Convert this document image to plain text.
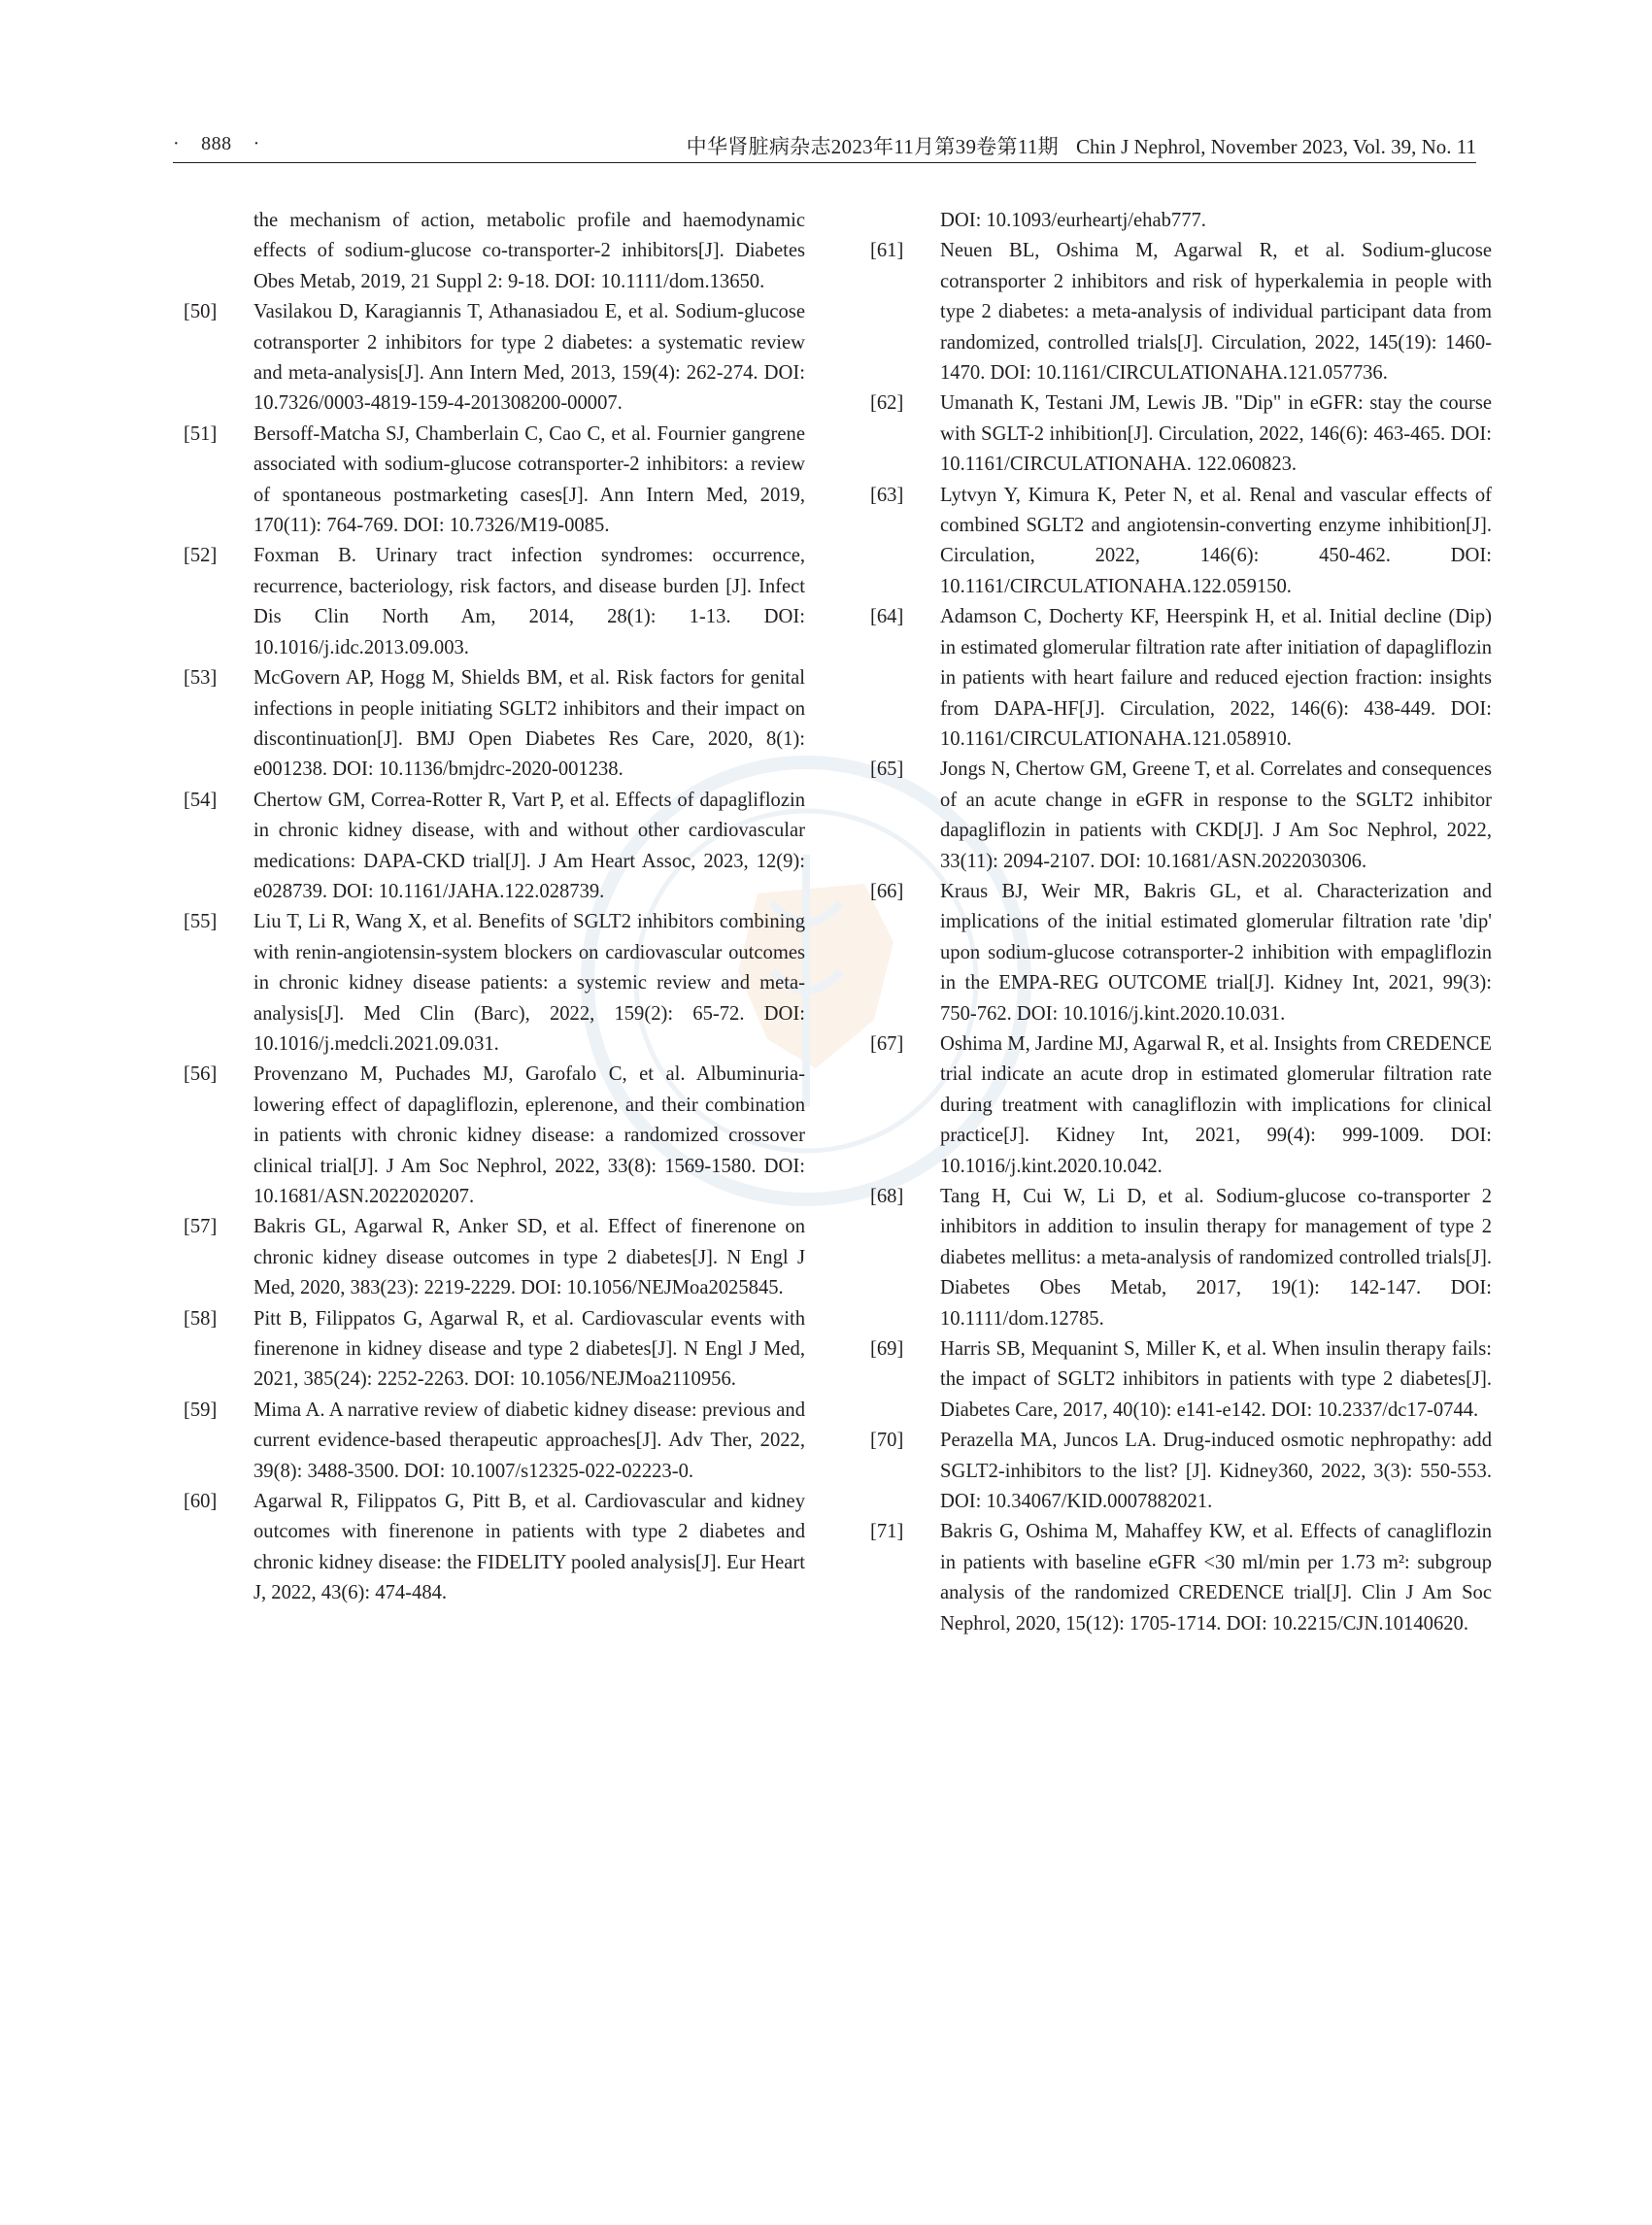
· 888 ·	中华肾脏病杂志2023年11月第39卷第11期 Chin J Nephrol, November 2023, Vol. 39, No. 11
the mechanism of action, metabolic profile and haemodynamic effects of sodium-glucose co-transporter-2 inhibitors[J]. Diabetes Obes Metab, 2019, 21 Suppl 2: 9-18. DOI: 10.1111/dom.13650.
[50] Vasilakou D, Karagiannis T, Athanasiadou E, et al. Sodium-glucose cotransporter 2 inhibitors for type 2 diabetes: a systematic review and meta-analysis[J]. Ann Intern Med, 2013, 159(4): 262-274. DOI: 10.7326/0003-4819-159-4-201308200-00007.
[51] Bersoff-Matcha SJ, Chamberlain C, Cao C, et al. Fournier gangrene associated with sodium-glucose cotransporter-2 inhibitors: a review of spontaneous postmarketing cases[J]. Ann Intern Med, 2019, 170(11): 764-769. DOI: 10.7326/M19-0085.
[52] Foxman B. Urinary tract infection syndromes: occurrence, recurrence, bacteriology, risk factors, and disease burden [J]. Infect Dis Clin North Am, 2014, 28(1): 1-13. DOI: 10.1016/j.idc.2013.09.003.
[53] McGovern AP, Hogg M, Shields BM, et al. Risk factors for genital infections in people initiating SGLT2 inhibitors and their impact on discontinuation[J]. BMJ Open Diabetes Res Care, 2020, 8(1): e001238. DOI: 10.1136/bmjdrc-2020-001238.
[54] Chertow GM, Correa-Rotter R, Vart P, et al. Effects of dapagliflozin in chronic kidney disease, with and without other cardiovascular medications: DAPA-CKD trial[J]. J Am Heart Assoc, 2023, 12(9): e028739. DOI: 10.1161/JAHA.122.028739.
[55] Liu T, Li R, Wang X, et al. Benefits of SGLT2 inhibitors combining with renin-angiotensin-system blockers on cardiovascular outcomes in chronic kidney disease patients: a systemic review and meta-analysis[J]. Med Clin (Barc), 2022, 159(2): 65-72. DOI: 10.1016/j.medcli.2021.09.031.
[56] Provenzano M, Puchades MJ, Garofalo C, et al. Albuminuria-lowering effect of dapagliflozin, eplerenone, and their combination in patients with chronic kidney disease: a randomized crossover clinical trial[J]. J Am Soc Nephrol, 2022, 33(8): 1569-1580. DOI: 10.1681/ASN.2022020207.
[57] Bakris GL, Agarwal R, Anker SD, et al. Effect of finerenone on chronic kidney disease outcomes in type 2 diabetes[J]. N Engl J Med, 2020, 383(23): 2219-2229. DOI: 10.1056/NEJMoa2025845.
[58] Pitt B, Filippatos G, Agarwal R, et al. Cardiovascular events with finerenone in kidney disease and type 2 diabetes[J]. N Engl J Med, 2021, 385(24): 2252-2263. DOI: 10.1056/NEJMoa2110956.
[59] Mima A. A narrative review of diabetic kidney disease: previous and current evidence-based therapeutic approaches[J]. Adv Ther, 2022, 39(8): 3488-3500. DOI: 10.1007/s12325-022-02223-0.
[60] Agarwal R, Filippatos G, Pitt B, et al. Cardiovascular and kidney outcomes with finerenone in patients with type 2 diabetes and chronic kidney disease: the FIDELITY pooled analysis[J]. Eur Heart J, 2022, 43(6): 474-484.
DOI: 10.1093/eurheartj/ehab777.
[61] Neuen BL, Oshima M, Agarwal R, et al. Sodium-glucose cotransporter 2 inhibitors and risk of hyperkalemia in people with type 2 diabetes: a meta-analysis of individual participant data from randomized, controlled trials[J]. Circulation, 2022, 145(19): 1460-1470. DOI: 10.1161/CIRCULATIONAHA.121.057736.
[62] Umanath K, Testani JM, Lewis JB. "Dip" in eGFR: stay the course with SGLT-2 inhibition[J]. Circulation, 2022, 146(6): 463-465. DOI: 10.1161/CIRCULATIONAHA. 122.060823.
[63] Lytvyn Y, Kimura K, Peter N, et al. Renal and vascular effects of combined SGLT2 and angiotensin-converting enzyme inhibition[J]. Circulation, 2022, 146(6): 450-462. DOI: 10.1161/CIRCULATIONAHA.122.059150.
[64] Adamson C, Docherty KF, Heerspink H, et al. Initial decline (Dip) in estimated glomerular filtration rate after initiation of dapagliflozin in patients with heart failure and reduced ejection fraction: insights from DAPA-HF[J]. Circulation, 2022, 146(6): 438-449. DOI: 10.1161/CIRCULATIONAHA.121.058910.
[65] Jongs N, Chertow GM, Greene T, et al. Correlates and consequences of an acute change in eGFR in response to the SGLT2 inhibitor dapagliflozin in patients with CKD[J]. J Am Soc Nephrol, 2022, 33(11): 2094-2107. DOI: 10.1681/ASN.2022030306.
[66] Kraus BJ, Weir MR, Bakris GL, et al. Characterization and implications of the initial estimated glomerular filtration rate 'dip' upon sodium-glucose cotransporter-2 inhibition with empagliflozin in the EMPA-REG OUTCOME trial[J]. Kidney Int, 2021, 99(3): 750-762. DOI: 10.1016/j.kint.2020.10.031.
[67] Oshima M, Jardine MJ, Agarwal R, et al. Insights from CREDENCE trial indicate an acute drop in estimated glomerular filtration rate during treatment with canagliflozin with implications for clinical practice[J]. Kidney Int, 2021, 99(4): 999-1009. DOI: 10.1016/j.kint.2020.10.042.
[68] Tang H, Cui W, Li D, et al. Sodium-glucose co-transporter 2 inhibitors in addition to insulin therapy for management of type 2 diabetes mellitus: a meta-analysis of randomized controlled trials[J]. Diabetes Obes Metab, 2017, 19(1): 142-147. DOI: 10.1111/dom.12785.
[69] Harris SB, Mequanint S, Miller K, et al. When insulin therapy fails: the impact of SGLT2 inhibitors in patients with type 2 diabetes[J]. Diabetes Care, 2017, 40(10): e141-e142. DOI: 10.2337/dc17-0744.
[70] Perazella MA, Juncos LA. Drug-induced osmotic nephropathy: add SGLT2-inhibitors to the list? [J]. Kidney360, 2022, 3(3): 550-553. DOI: 10.34067/KID.0007882021.
[71] Bakris G, Oshima M, Mahaffey KW, et al. Effects of canagliflozin in patients with baseline eGFR <30 ml/min per 1.73 m²: subgroup analysis of the randomized CREDENCE trial[J]. Clin J Am Soc Nephrol, 2020, 15(12): 1705-1714. DOI: 10.2215/CJN.10140620.
